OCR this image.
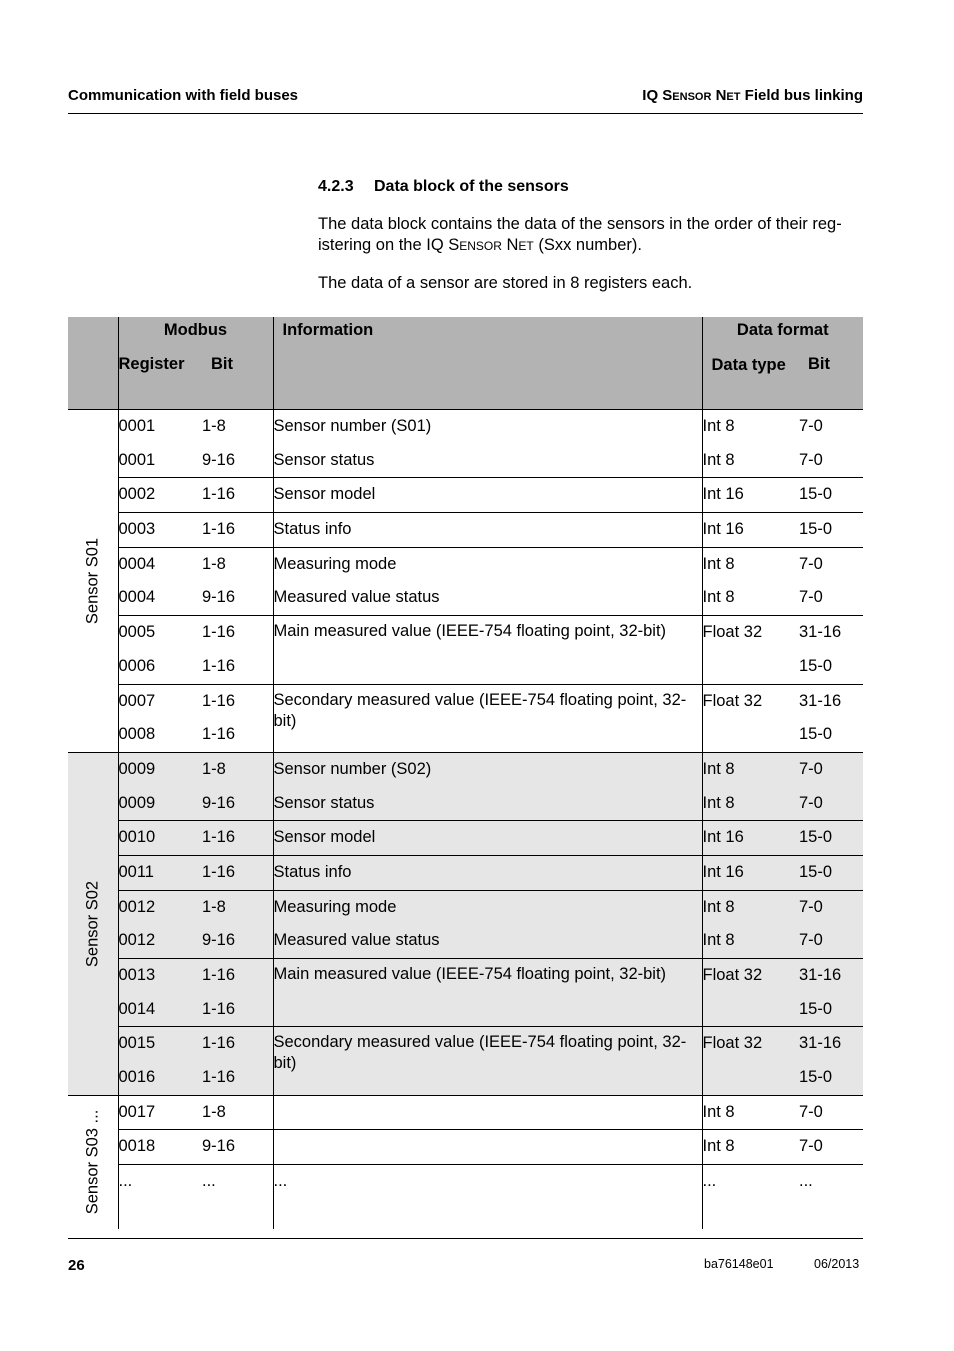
Communication with field buses	IQ Sensor Net Field bus linking
4.2.3 Data block of the sensors
The data block contains the data of the sensors in the order of their reg-istering on the IQ Sensor Net (Sxx number).
The data of a sensor are stored in 8 registers each.
	Modbus		Information	Data format	
	Register	Bit		Data type	Bit

Sensor S01	0001	1-8	Sensor number (S01)	Int 8	7-0
	0001	9-16	Sensor status	Int 8	7-0
	0002	1-16	Sensor model	Int 16	15-0
	0003	1-16	Status info	Int 16	15-0
	0004	1-8	Measuring mode	Int 8	7-0
	0004	9-16	Measured value status	Int 8	7-0
	0005	1-16	Main measured value (IEEE-754 floating point, 32-bit)	Float 32	31-16
	0006	1-16			15-0
	0007	1-16	Secondary measured value (IEEE-754 floating point, 32-bit)	Float 32	31-16
	0008	1-16			15-0

Sensor S02	0009	1-8	Sensor number (S02)	Int 8	7-0
	0009	9-16	Sensor status	Int 8	7-0
	0010	1-16	Sensor model	Int 16	15-0
	0011	1-16	Status info	Int 16	15-0
	0012	1-8	Measuring mode	Int 8	7-0
	0012	9-16	Measured value status	Int 8	7-0
	0013	1-16	Main measured value (IEEE-754 floating point, 32-bit)	Float 32	31-16
	0014	1-16			15-0
	0015	1-16	Secondary measured value (IEEE-754 floating point, 32-bit)	Float 32	31-16
	0016	1-16			15-0

Sensor S03 ...	0017	1-8		Int 8	7-0
	0018	9-16		Int 8	7-0
	...	...	...	...	...
26	ba76148e01	06/2013
